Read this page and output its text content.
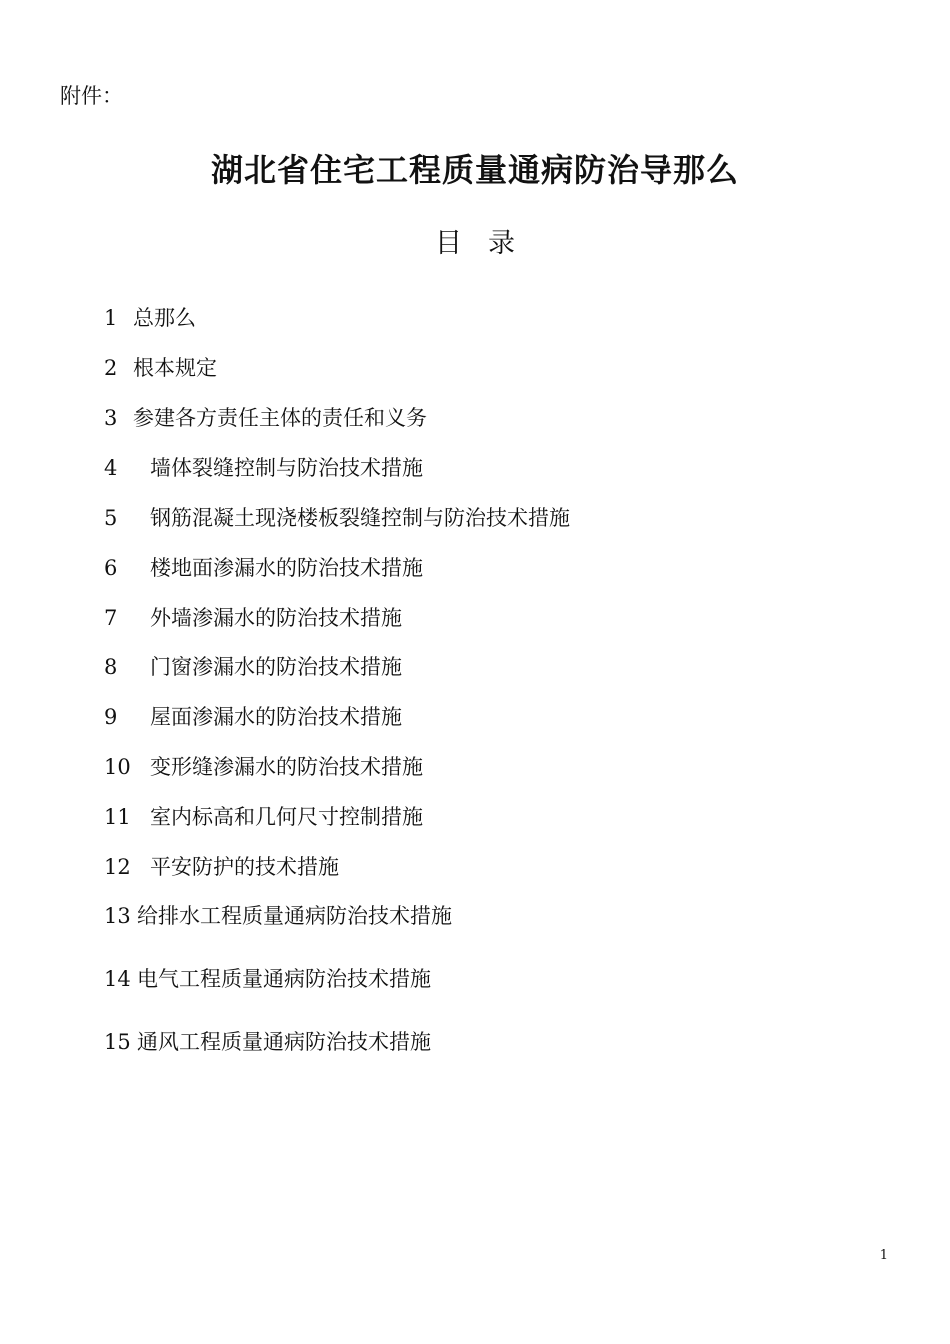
附件：
湖北省住宅工程质量通病防治导那么
目录
1 总那么
2 根本规定
3 参建各方责任主体的责任和义务
4 墙体裂缝控制与防治技术措施
5 钢筋混凝土现浇楼板裂缝控制与防治技术措施
6 楼地面渗漏水的防治技术措施
7 外墙渗漏水的防治技术措施
8 门窗渗漏水的防治技术措施
9 屋面渗漏水的防治技术措施
10 变形缝渗漏水的防治技术措施
11 室内标高和几何尺寸控制措施
12 平安防护的技术措施
13 给排水工程质量通病防治技术措施
14 电气工程质量通病防治技术措施
15 通风工程质量通病防治技术措施
1
